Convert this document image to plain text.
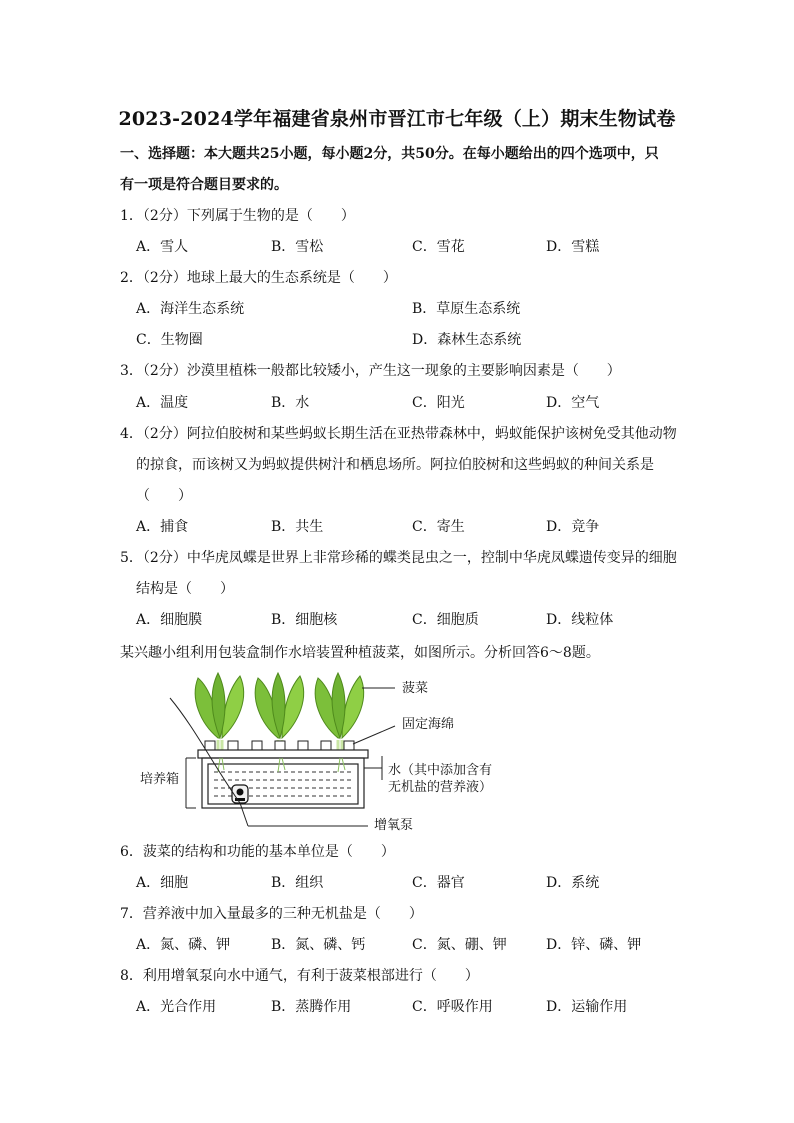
2023-2024学年福建省泉州市晋江市七年级（上）期末生物试卷
一、选择题：本大题共25小题，每小题2分，共50分。在每小题给出的四个选项中，只
有一项是符合题目要求的。
1．（2分）下列属于生物的是（　　）
A．雪人	B．雪松	C．雪花	D．雪糕
2．（2分）地球上最大的生态系统是（　　）
A．海洋生态系统	B．草原生态系统
C．生物圈	D．森林生态系统
3．（2分）沙漠里植株一般都比较矮小，产生这一现象的主要影响因素是（　　）
A．温度	B．水	C．阳光	D．空气
4．（2分）阿拉伯胶树和某些蚂蚁长期生活在亚热带森林中，蚂蚁能保护该树免受其他动物
的掠食，而该树又为蚂蚁提供树汁和栖息场所。阿拉伯胶树和这些蚂蚁的种间关系是
（　　）
A．捕食	B．共生	C．寄生	D．竞争
5．（2分）中华虎凤蝶是世界上非常珍稀的蝶类昆虫之一，控制中华虎凤蝶遗传变异的细胞
结构是（　　）
A．细胞膜	B．细胞核	C．细胞质	D．线粒体
某兴趣小组利用包装盒制作水培装置种植菠菜，如图所示。分析回答6～8题。
菠菜
固定海绵
水（其中添加含有
无机盐的营养液）
培养箱
增氧泵
6．菠菜的结构和功能的基本单位是（　　）
A．细胞	B．组织	C．器官	D．系统
7．营养液中加入量最多的三种无机盐是（　　）
A．氮、磷、钾	B．氮、磷、钙	C．氮、硼、钾	D．锌、磷、钾
8．利用增氧泵向水中通气，有利于菠菜根部进行（　　）
A．光合作用	B．蒸腾作用	C．呼吸作用	D．运输作用
